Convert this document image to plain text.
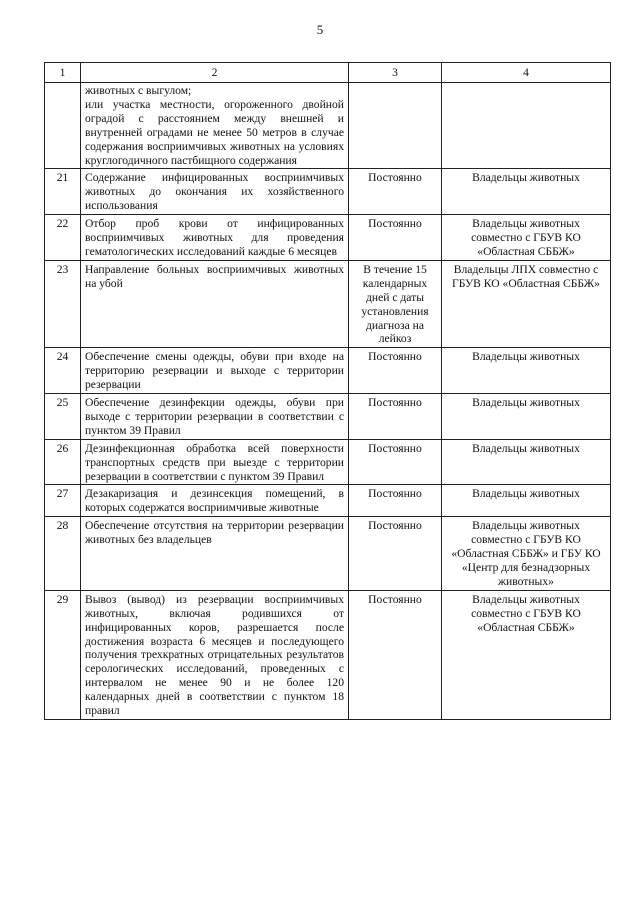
5
1	2	3	4

	животных с выгулом;
или участка местности, огороженного двойной оградой с расстоянием между внешней и внутренней оградами не менее 50 метров в случае содержания восприимчивых животных на условиях круглогодичного пастбищного содержания		

21	Содержание инфицированных восприимчивых животных до окончания их хозяйственного использования	Постоянно	Владельцы животных
22	Отбор проб крови от инфицированных восприимчивых животных для проведения гематологических исследований каждые 6 месяцев	Постоянно	Владельцы животных совместно с ГБУВ КО «Областная СББЖ»
23	Направление больных восприимчивых животных на убой	В течение 15 календарных дней с даты установления диагноза на лейкоз	Владельцы ЛПХ совместно с ГБУВ КО «Областная СББЖ»
24	Обеспечение смены одежды, обуви при входе на территорию резервации и выходе с территории резервации	Постоянно	Владельцы животных
25	Обеспечение дезинфекции одежды, обуви при выходе с территории резервации в соответствии с пунктом 39 Правил	Постоянно	Владельцы животных
26	Дезинфекционная обработка всей поверхности транспортных средств при выезде с территории резервации в соответствии с пунктом 39 Правил	Постоянно	Владельцы животных
27	Дезакаризация и дезинсекция помещений, в которых содержатся восприимчивые животные	Постоянно	Владельцы животных
28	Обеспечение отсутствия на территории резервации животных без владельцев	Постоянно	Владельцы животных совместно с ГБУВ КО «Областная СББЖ» и ГБУ КО «Центр для безнадзорных животных»
29	Вывоз (вывод) из резервации восприимчивых животных, включая родившихся от инфицированных коров, разрешается после достижения возраста 6 месяцев и последующего получения трехкратных отрицательных результатов серологических исследований, проведенных с интервалом не менее 90 и не более 120 календарных дней в соответствии с пунктом 18 правил	Постоянно	Владельцы животных совместно с ГБУВ КО «Областная СББЖ»
